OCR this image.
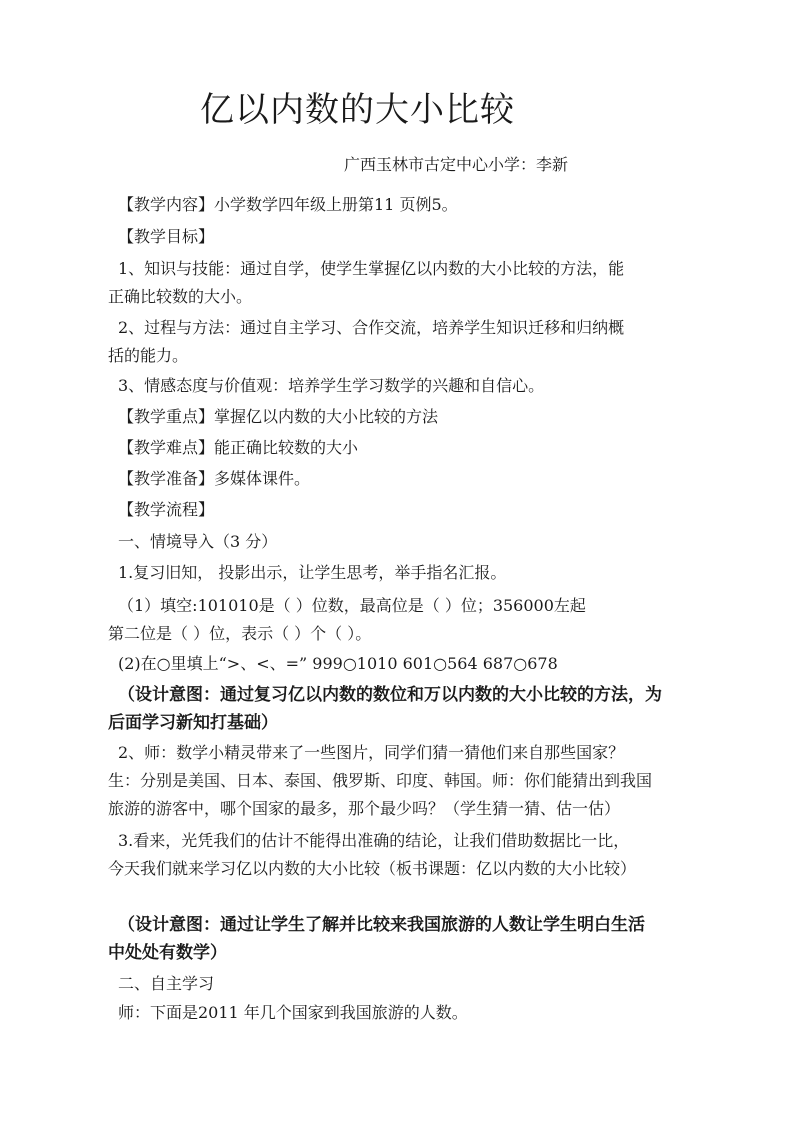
亿以内数的大小比较
广西玉林市古定中心小学：李新
【教学内容】小学数学四年级上册第11 页例5。
【教学目标】
1、知识与技能：通过自学，使学生掌握亿以内数的大小比较的方法，能
正确比较数的大小。
2、过程与方法：通过自主学习、合作交流，培养学生知识迁移和归纳概
括的能力。
3、情感态度与价值观：培养学生学习数学的兴趣和自信心。
【教学重点】掌握亿以内数的大小比较的方法
【教学难点】能正确比较数的大小
【教学准备】多媒体课件。
【教学流程】
一、情境导入（3 分）
1.复习旧知， 投影出示，让学生思考，举手指名汇报。
（1）填空:101010是（ ）位数，最高位是（ ）位；356000左起
第二位是（ ）位，表示（ ）个（ ）。
(2)在○里填上“>、<、=” 999○1010 601○564 687○678
（设计意图：通过复习亿以内数的数位和万以内数的大小比较的方法，为
后面学习新知打基础）
2、师：数学小精灵带来了一些图片，同学们猜一猜他们来自那些国家？
生：分别是美国、日本、泰国、俄罗斯、印度、韩国。师：你们能猜出到我国
旅游的游客中，哪个国家的最多，那个最少吗？（学生猜一猜、估一估）
3.看来，光凭我们的估计不能得出准确的结论，让我们借助数据比一比，
今天我们就来学习亿以内数的大小比较（板书课题：亿以内数的大小比较）
（设计意图：通过让学生了解并比较来我国旅游的人数让学生明白生活
中处处有数学）
二、自主学习
师：下面是2011 年几个国家到我国旅游的人数。
